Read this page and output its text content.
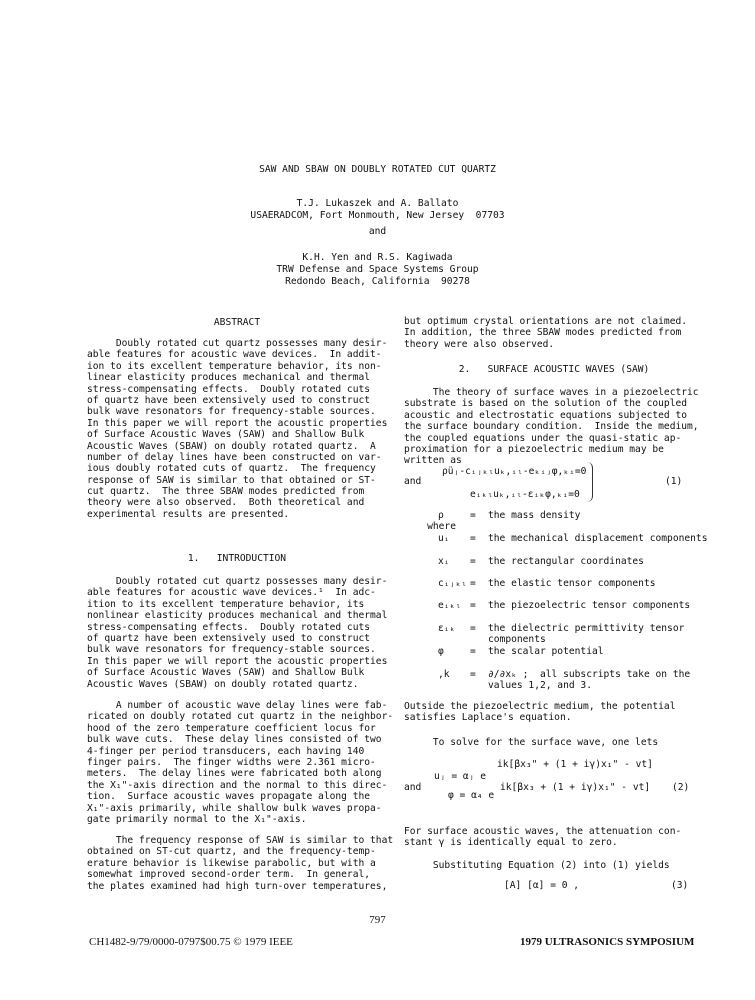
SAW AND SBAW ON DOUBLY ROTATED CUT QUARTZ
T.J. Lukaszek and A. Ballato
USAERADCOM, Fort Monmouth, New Jersey  07703
and
K.H. Yen and R.S. Kagiwada
TRW Defense and Space Systems Group
Redondo Beach, California  90278
ABSTRACT
Doubly rotated cut quartz possesses many desir-
able features for acoustic wave devices.  In addit-
ion to its excellent temperature behavior, its non-
linear elasticity produces mechanical and thermal
stress-compensating effects.  Doubly rotated cuts
of quartz have been extensively used to construct
bulk wave resonators for frequency-stable sources.
In this paper we will report the acoustic properties
of Surface Acoustic Waves (SAW) and Shallow Bulk
Acoustic Waves (SBAW) on doubly rotated quartz.  A
number of delay lines have been constructed on var-
ious doubly rotated cuts of quartz.  The frequency
response of SAW is similar to that obtained or ST-
cut quartz.  The three SBAW modes predicted from
theory were also observed.  Both theoretical and
experimental results are presented.
1.   INTRODUCTION
Doubly rotated cut quartz possesses many desir-
able features for acoustic wave devices.¹  In adc-
ition to its excellent temperature behavior, its
nonlinear elasticity produces mechanical and thermal
stress-compensating effects.  Doubly rotated cuts
of quartz have been extensively used to construct
bulk wave resonators for frequency-stable sources.
In this paper we will report the acoustic properties
of Surface Acoustic Waves (SAW) and Shallow Bulk
Acoustic Waves (SBAW) on doubly rotated quartz.
A number of acoustic wave delay lines were fab-
ricated on doubly rotated cut quartz in the neighbor-
hood of the zero temperature coefficient locus for
bulk wave cuts.  These delay lines consisted of two
4-finger per period transducers, each having 140
finger pairs.  The finger widths were 2.361 micro-
meters.  The delay lines were fabricated both along
the X₁"-axis direction and the normal to this direc-
tion.  Surface acoustic waves propagate along the
X₁"-axis primarily, while shallow bulk waves propa-
gate primarily normal to the X₁"-axis.
The frequency response of SAW is similar to that
obtained on ST-cut quartz, and the frequency-temp-
erature behavior is likewise parabolic, but with a
somewhat improved second-order term.  In general,
the plates examined had high turn-over temperatures,
but optimum crystal orientations are not claimed.
In addition, the three SBAW modes predicted from
theory were also observed.
2.   SURFACE ACOUSTIC WAVES (SAW)
The theory of surface waves in a piezoelectric
substrate is based on the solution of the coupled
acoustic and electrostatic equations subjected to
the surface boundary condition.  Inside the medium,
the coupled equations under the quasi-static ap-
proximation for a piezoelectric medium may be
written as
and
ρüⱼ-cᵢⱼₖₗuₖ,ᵢₗ-eₖᵢⱼφ,ₖᵢ=0
eᵢₖₗuₖ,ᵢₗ-εᵢₖφ,ₖᵢ=0
(1)

where

ρ	= the mass density
uᵢ = the mechanical displacement components
xᵢ = the rectangular coordinates
cᵢⱼₖₗ = the elastic tensor components
eᵢₖₗ = the piezoelectric tensor components
εᵢₖ = the dielectric permittivity tensor
components
φ	= the scalar potential
,k = ∂/∂xₖ ;  all subscripts take on the
values 1,2, and 3.
Outside the piezoelectric medium, the potential
satisfies Laplace's equation.
To solve for the surface wave, one lets
and
uⱼ = αⱼ e
ik[βx₃" + (1 + iγ)x₁" - vt]
φ = α₄ e
ik[βx₃ + (1 + iγ)x₁" - vt] (2)
For surface acoustic waves, the attenuation con-
stant γ is identically equal to zero.
Substituting Equation (2) into (1) yields
[A] [α] = 0 ,	(3)
797
CH1482-9/79/0000-0797$00.75 © 1979 IEEE	1979 ULTRASONICS SYMPOSIUM
